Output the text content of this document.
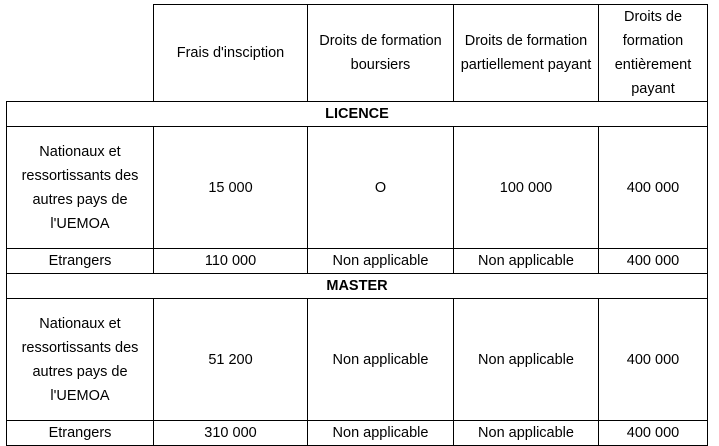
	Frais d'insciption	Droits de formation boursiers	Droits de formation partiellement payant	Droits de formation entièrement payant
LICENCE				
Nationaux et ressortissants des autres pays de l'UEMOA	15 000	O	100 000	400 000
Etrangers	110 000	Non applicable	Non applicable	400 000
MASTER				
Nationaux et ressortissants des autres pays de l'UEMOA	51 200	Non applicable	Non applicable	400 000
Etrangers	310 000	Non applicable	Non applicable	400 000
